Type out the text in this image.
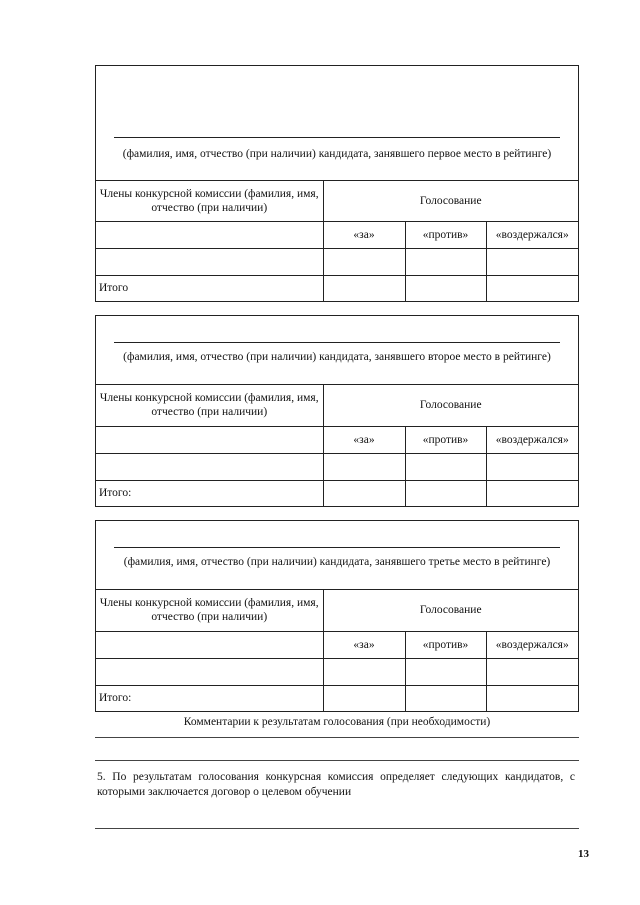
(фамилия, имя, отчество (при наличии) кандидата, занявшего первое место в рейтинге)
Члены конкурсной комиссии (фамилия, имя, отчество (при наличии)	Голосование		
	«за»	«против»	«воздержался»

Итого			
(фамилия, имя, отчество (при наличии) кандидата, занявшего второе место в рейтинге)
Члены конкурсной комиссии (фамилия, имя, отчество (при наличии)	Голосование		
	«за»	«против»	«воздержался»

Итого:			
(фамилия, имя, отчество (при наличии) кандидата, занявшего третье место в рейтинге)
Члены конкурсной комиссии (фамилия, имя, отчество (при наличии)	Голосование		
	«за»	«против»	«воздержался»

Итого:			
Комментарии к результатам голосования (при необходимости)
5. По результатам голосования конкурсная комиссия определяет следующих кандидатов, с которыми заключается договор о целевом обучении
13
